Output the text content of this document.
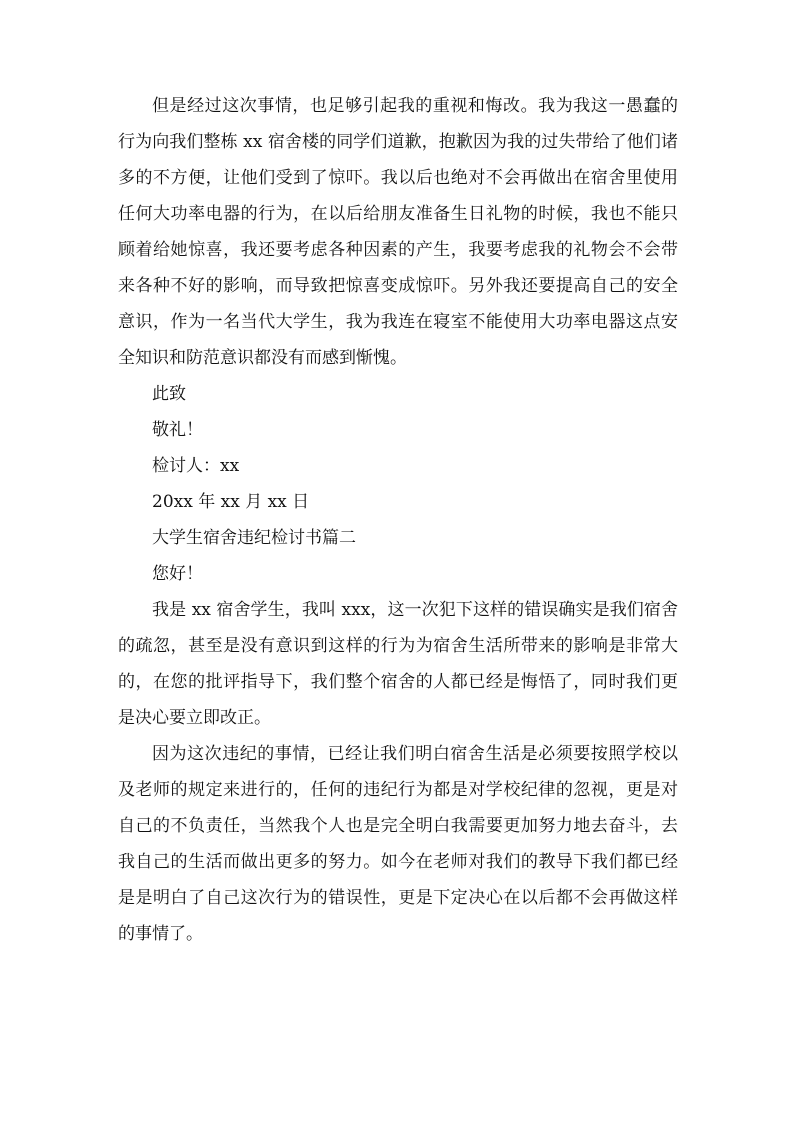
但是经过这次事情，也足够引起我的重视和悔改。我为我这一愚蠢的行为向我们整栋 xx 宿舍楼的同学们道歉，抱歉因为我的过失带给了他们诸多的不方便，让他们受到了惊吓。我以后也绝对不会再做出在宿舍里使用任何大功率电器的行为，在以后给朋友准备生日礼物的时候，我也不能只顾着给她惊喜，我还要考虑各种因素的产生，我要考虑我的礼物会不会带来各种不好的影响，而导致把惊喜变成惊吓。另外我还要提高自己的安全意识，作为一名当代大学生，我为我连在寝室不能使用大功率电器这点安全知识和防范意识都没有而感到惭愧。

此致

敬礼！

检讨人：xx

20xx 年 xx 月 xx 日

大学生宿舍违纪检讨书篇二

您好！

我是 xx 宿舍学生，我叫 xxx，这一次犯下这样的错误确实是我们宿舍的疏忽，甚至是没有意识到这样的行为为宿舍生活所带来的影响是非常大的，在您的批评指导下，我们整个宿舍的人都已经是悔悟了，同时我们更是决心要立即改正。

因为这次违纪的事情，已经让我们明白宿舍生活是必须要按照学校以及老师的规定来进行的，任何的违纪行为都是对学校纪律的忽视，更是对自己的不负责任，当然我个人也是完全明白我需要更加努力地去奋斗，去我自己的生活而做出更多的努力。如今在老师对我们的教导下我们都已经是是明白了自己这次行为的错误性，更是下定决心在以后都不会再做这样的事情了。
